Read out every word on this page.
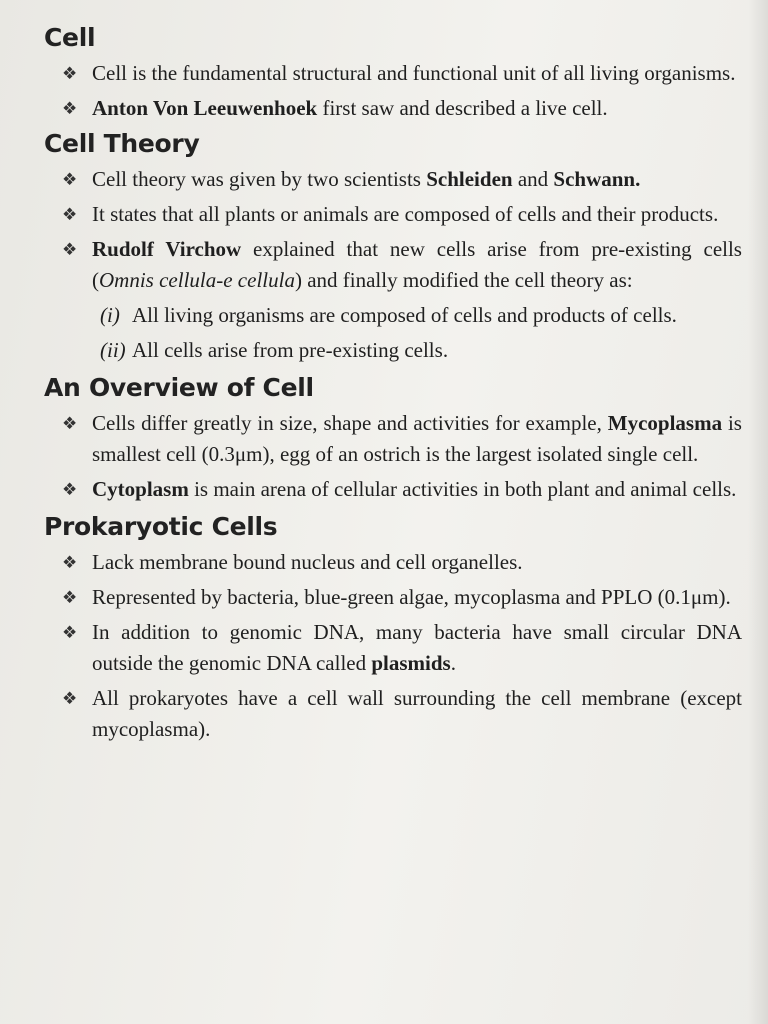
Cell
❖ Cell is the fundamental structural and functional unit of all living organisms.
❖ Anton Von Leeuwenhoek first saw and described a live cell.
Cell Theory
❖ Cell theory was given by two scientists Schleiden and Schwann.
❖ It states that all plants or animals are composed of cells and their products.
❖ Rudolf Virchow explained that new cells arise from pre-existing cells (Omnis cellula-e cellula) and finally modified the cell theory as:
(i) All living organisms are composed of cells and products of cells.
(ii) All cells arise from pre-existing cells.
An Overview of Cell
❖ Cells differ greatly in size, shape and activities for example, Mycoplasma is smallest cell (0.3μm), egg of an ostrich is the largest isolated single cell.
❖ Cytoplasm is main arena of cellular activities in both plant and animal cells.
Prokaryotic Cells
❖ Lack membrane bound nucleus and cell organelles.
❖ Represented by bacteria, blue-green algae, mycoplasma and PPLO (0.1μm).
❖ In addition to genomic DNA, many bacteria have small circular DNA outside the genomic DNA called plasmids.
❖ All prokaryotes have a cell wall surrounding the cell membrane (except mycoplasma).
